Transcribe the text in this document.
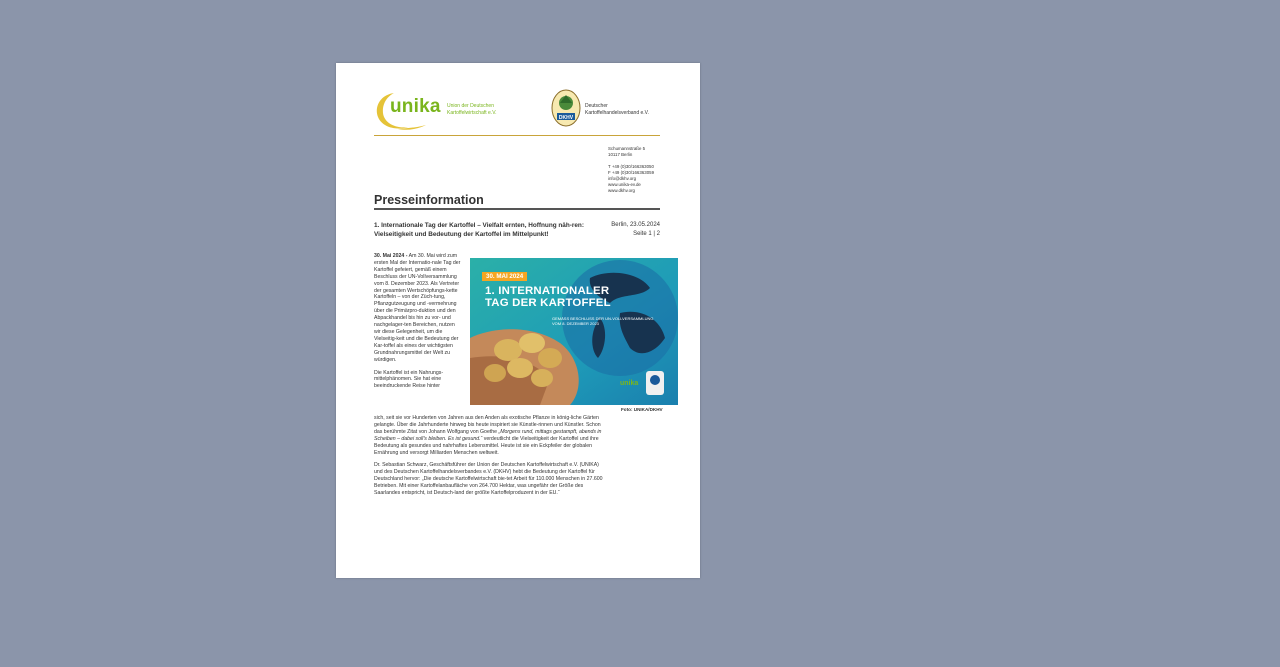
unika Union der Deutschen
Kartoffelwirtschaft e.V.
DKHV
Deutscher
Kartoffelhandelsverband e.V.
Schumannstraße 5
10117 Berlin
T +49 (0)30/166363050
F +49 (0)30/166363059
info@dkhv.org
www.unika-ev.de
www.dkhv.org
Presseinformation
1. Internationale Tag der Kartoffel – Vielfalt ernten, Hoffnung näh-ren: Vielseitigkeit und Bedeutung der Kartoffel im Mittelpunkt!
Berlin, 23.05.2024
Seite 1 | 2

30. Mai 2024 - Am 30. Mai wird zum ersten Mal der Internatio-nale Tag der Kartoffel gefeiert, gemäß einem Beschluss der UN-Vollversammlung vom 8. Dezember 2023. Als Vertreter der gesamten Wertschöpfungs-kette Kartoffeln – von der Züch-tung, Pflanzgutzeugung und -vermehrung über die Primärpro-duktion und den Abpackhandel bis hin zu vor- und nachgelager-ten Bereichen, nutzen wir diese Gelegenheit, um die Vielseitig-keit und die Bedeutung der Kar-toffel als eines der wichtigsten Grundnahrungsmittel der Welt zu würdigen.

Die Kartoffel ist ein Nahrungs-mittelphänomen. Sie hat eine beeindruckende Reise hinter

30. MAI 2024
1. INTERNATIONALER
TAG DER KARTOFFEL
GEMÄSS BESCHLUSS DER UN-VOLLVERSAMMLUNG
VOM 8. DEZEMBER 2023
unika
Foto: UNIKA/DKHV

sich, seit sie vor Hunderten von Jahren aus den Anden als exotische Pflanze in könig-liche Gärten gelangte. Über die Jahrhunderte hinweg bis heute inspiriert sie Künstle-rinnen und Künstler. Schon das berühmte Zitat von Johann Wolfgang von Goethe „Morgens rund, mittags gestampft, abends in Scheiben – dabei soll's bleiben. Es ist gesund.“ verdeutlicht die Vielseitigkeit der Kartoffel und ihre Bedeutung als gesundes und nahrhaftes Lebensmittel. Heute ist sie ein Eckpfeiler der globalen Ernährung und versorgt Milliarden Menschen weltweit.

Dr. Sebastian Schwarz, Geschäftsführer der Union der Deutschen Kartoffelwirtschaft e.V. (UNIKA) und des Deutschen Kartoffelhandelsverbandes e.V. (DKHV) hebt die Bedeutung der Kartoffel für Deutschland hervor: „Die deutsche Kartoffelwirtschaft bie-tet Arbeit für 110.000 Menschen in 27.600 Betrieben. Mit einer Kartoffelanbaufläche von 264.700 Hektar, was ungefähr der Größe des Saarlandes entspricht, ist Deutsch-land der größte Kartoffelproduzent in der EU.“
